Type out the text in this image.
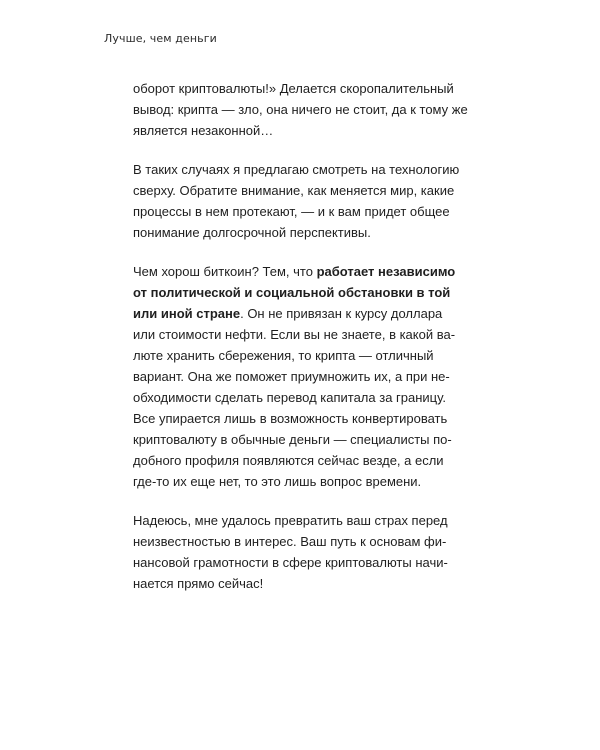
Лучше, чем деньги
оборот криптовалюты!» Делается скоропалительный
вывод: крипта — зло, она ничего не стоит, да к тому же
является незаконной…
В таких случаях я предлагаю смотреть на технологию
сверху. Обратите внимание, как меняется мир, какие
процессы в нем протекают, — и к вам придет общее
понимание долгосрочной перспективы.
Чем хорош биткоин? Тем, что работает независимо
от политической и социальной обстановки в той
или иной стране. Он не привязан к курсу доллара
или стоимости нефти. Если вы не знаете, в какой ва-
люте хранить сбережения, то крипта — отличный
вариант. Она же поможет приумножить их, а при не-
обходимости сделать перевод капитала за границу.
Все упирается лишь в возможность конвертировать
криптовалюту в обычные деньги — специалисты по-
добного профиля появляются сейчас везде, а если
где-то их еще нет, то это лишь вопрос времени.
Надеюсь, мне удалось превратить ваш страх перед
неизвестностью в интерес. Ваш путь к основам фи-
нансовой грамотности в сфере криптовалюты начи-
нается прямо сейчас!
